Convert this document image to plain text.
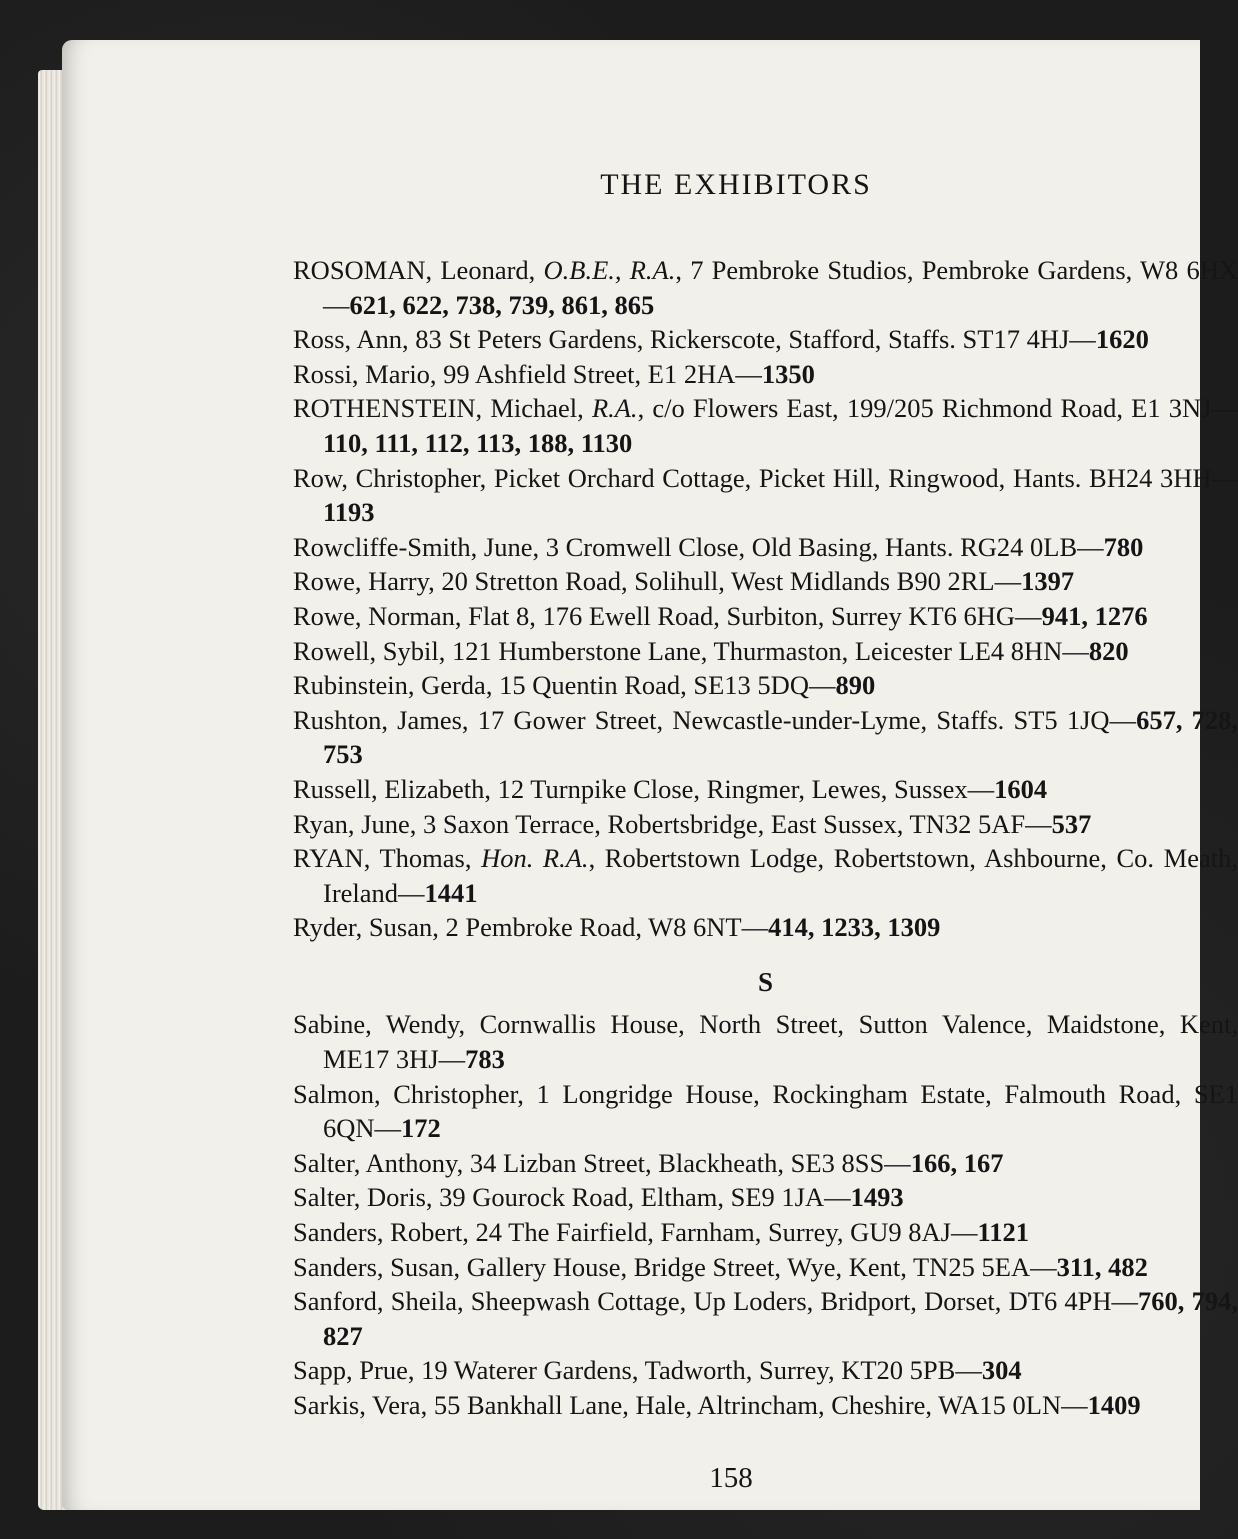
THE EXHIBITORS
ROSOMAN, Leonard, O.B.E., R.A., 7 Pembroke Studios, Pembroke Gardens, W8 6HX—621, 622, 738, 739, 861, 865
Ross, Ann, 83 St Peters Gardens, Rickerscote, Stafford, Staffs. ST17 4HJ—1620
Rossi, Mario, 99 Ashfield Street, E1 2HA—1350
ROTHENSTEIN, Michael, R.A., c/o Flowers East, 199/205 Richmond Road, E1 3NJ—110, 111, 112, 113, 188, 1130
Row, Christopher, Picket Orchard Cottage, Picket Hill, Ringwood, Hants. BH24 3HH—1193
Rowcliffe-Smith, June, 3 Cromwell Close, Old Basing, Hants. RG24 0LB—780
Rowe, Harry, 20 Stretton Road, Solihull, West Midlands B90 2RL—1397
Rowe, Norman, Flat 8, 176 Ewell Road, Surbiton, Surrey KT6 6HG—941, 1276
Rowell, Sybil, 121 Humberstone Lane, Thurmaston, Leicester LE4 8HN—820
Rubinstein, Gerda, 15 Quentin Road, SE13 5DQ—890
Rushton, James, 17 Gower Street, Newcastle-under-Lyme, Staffs. ST5 1JQ—657, 728, 753
Russell, Elizabeth, 12 Turnpike Close, Ringmer, Lewes, Sussex—1604
Ryan, June, 3 Saxon Terrace, Robertsbridge, East Sussex, TN32 5AF—537
RYAN, Thomas, Hon. R.A., Robertstown Lodge, Robertstown, Ashbourne, Co. Meath, Ireland—1441
Ryder, Susan, 2 Pembroke Road, W8 6NT—414, 1233, 1309
S
Sabine, Wendy, Cornwallis House, North Street, Sutton Valence, Maidstone, Kent, ME17 3HJ—783
Salmon, Christopher, 1 Longridge House, Rockingham Estate, Falmouth Road, SE1 6QN—172
Salter, Anthony, 34 Lizban Street, Blackheath, SE3 8SS—166, 167
Salter, Doris, 39 Gourock Road, Eltham, SE9 1JA—1493
Sanders, Robert, 24 The Fairfield, Farnham, Surrey, GU9 8AJ—1121
Sanders, Susan, Gallery House, Bridge Street, Wye, Kent, TN25 5EA—311, 482
Sanford, Sheila, Sheepwash Cottage, Up Loders, Bridport, Dorset, DT6 4PH—760, 794, 827
Sapp, Prue, 19 Waterer Gardens, Tadworth, Surrey, KT20 5PB—304
Sarkis, Vera, 55 Bankhall Lane, Hale, Altrincham, Cheshire, WA15 0LN—1409
158
